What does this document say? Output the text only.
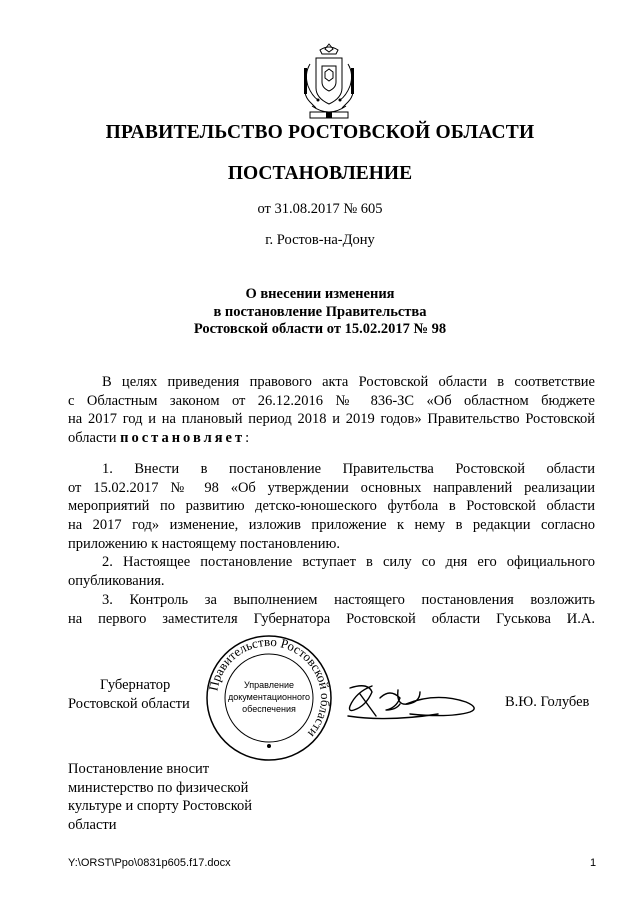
ПРАВИТЕЛЬСТВО РОСТОВСКОЙ ОБЛАСТИ
ПОСТАНОВЛЕНИЕ
от 31.08.2017 № 605
г. Ростов-на-Дону
О внесении изменения
в постановление Правительства
Ростовской области от 15.02.2017 № 98
В целях приведения правового акта Ростовской области в соответствие
с Областным законом от 26.12.2016 № 836-ЗС «Об областном бюджете
на 2017 год и на плановый период 2018 и 2019 годов» Правительство Ростовской
области постановляет:
1. Внести в постановление Правительства Ростовской области
от 15.02.2017 № 98 «Об утверждении основных направлений реализации
мероприятий по развитию детско-юношеского футбола в Ростовской области
на 2017 год» изменение, изложив приложение к нему в редакции согласно
приложению к настоящему постановлению.
2. Настоящее постановление вступает в силу со дня его официального
опубликования.
3. Контроль за выполнением настоящего постановления возложить
на первого заместителя Губернатора Ростовской области Гуськова И.А.
Губернатор
Ростовской области
Правительство Ростовской области
Управление
документационного
обеспечения	В.Ю. Голубев
Постановление вносит
министерство по физической
культуре и спорту Ростовской
области
Y:\ORST\Ppo\0831p605.f17.docx	1
